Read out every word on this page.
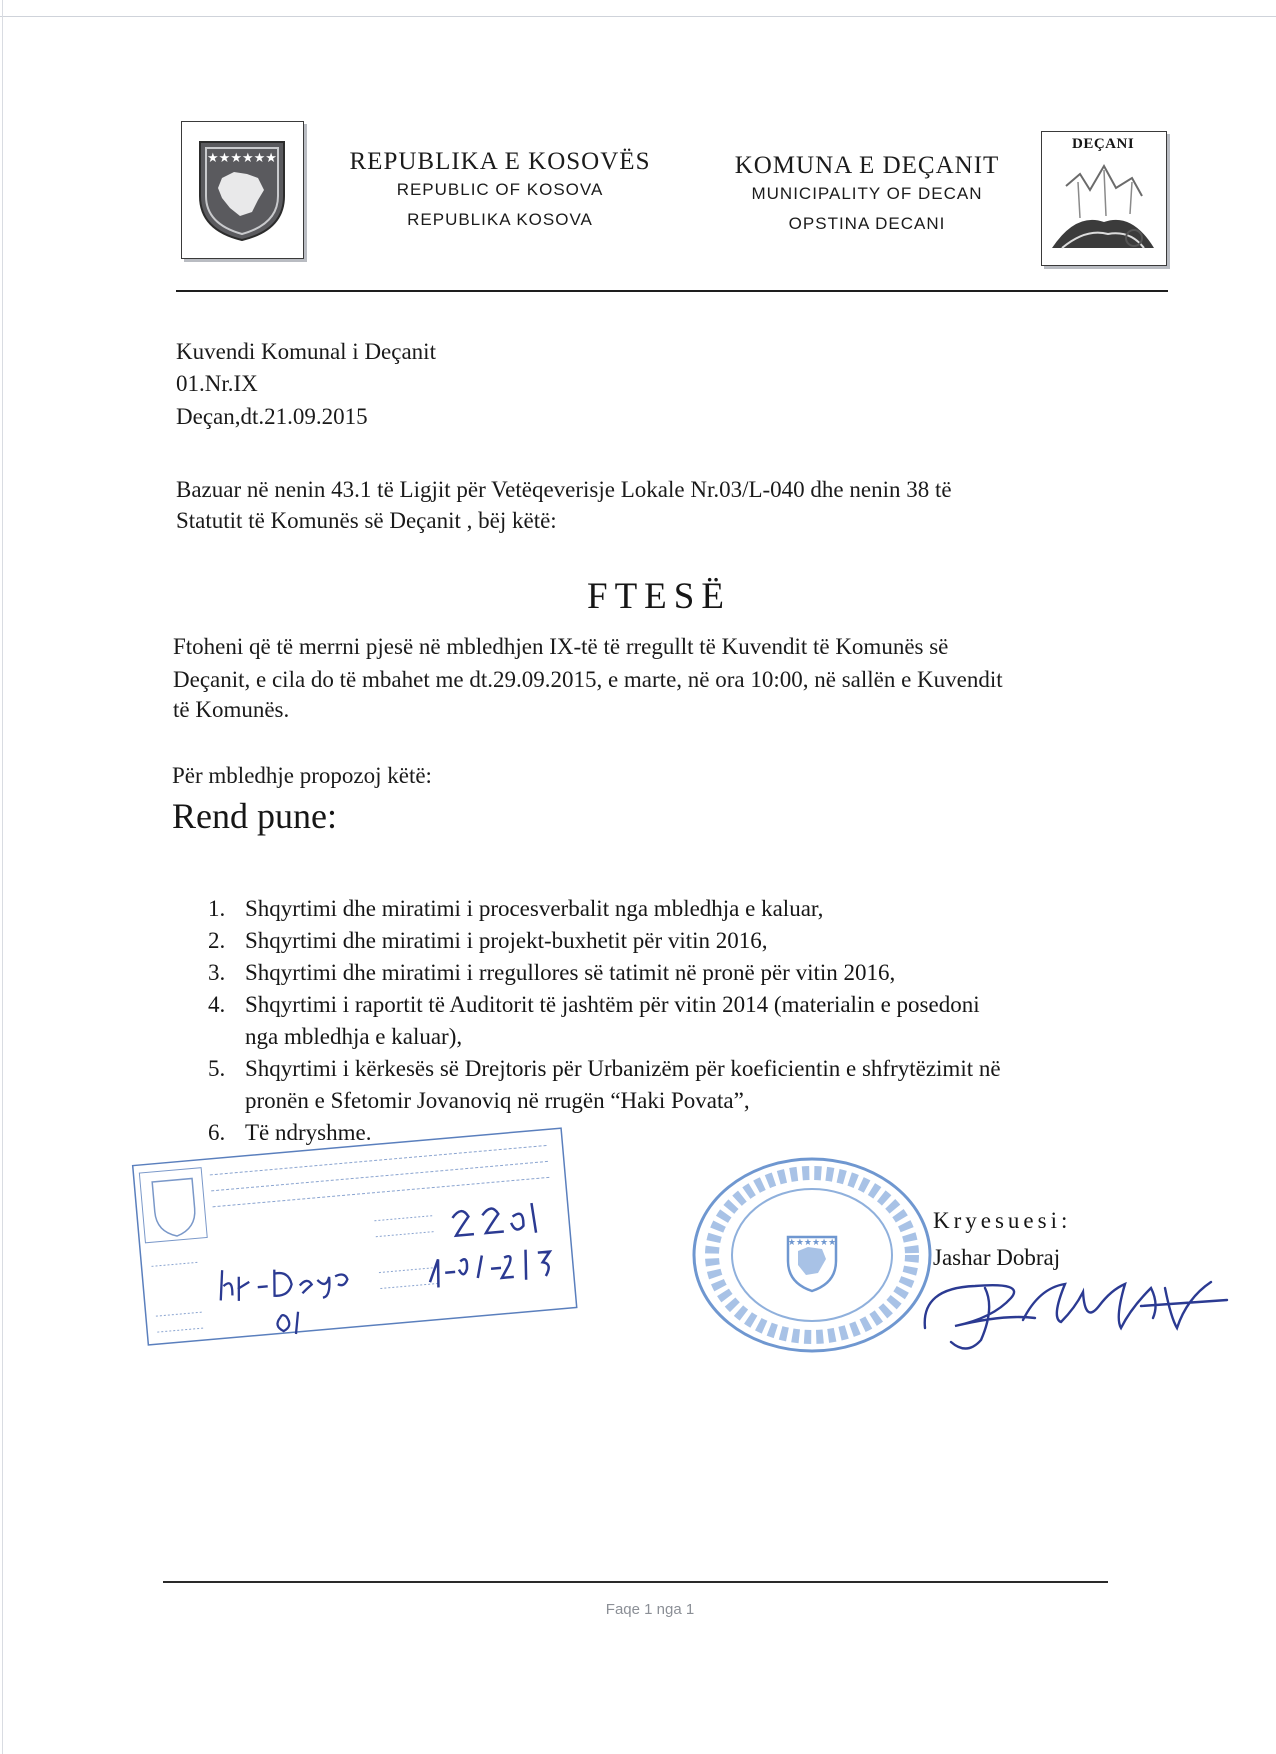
★★★★★★	REPUBLIKA E KOSOVËS
REPUBLIC OF KOSOVA
REPUBLIKA KOSOVA
KOMUNA E DEÇANIT
MUNICIPALITY OF DECAN
OPSTINA DECANI
DEÇANI
Kuvendi Komunal i Deçanit
01.Nr.IX
Deçan,dt.21.09.2015
Bazuar në nenin 43.1 të Ligjit për Vetëqeverisje Lokale Nr.03/L-040 dhe nenin 38 të
Statutit të Komunës së Deçanit , bëj këtë:
FTESË
Ftoheni që të merrni pjesë në mbledhjen IX-të të rregullt të Kuvendit të Komunës së
Deçanit, e cila do të mbahet me dt.29.09.2015, e marte, në ora 10:00, në sallën e Kuvendit
të Komunës.
Për mbledhje propozoj këtë:
Rend pune:
1. Shqyrtimi dhe miratimi i procesverbalit nga mbledhja e kaluar,
2. Shqyrtimi dhe miratimi i projekt-buxhetit për vitin 2016,
3. Shqyrtimi dhe miratimi i rregullores së tatimit në pronë për vitin 2016,
4. Shqyrtimi i raportit të Auditorit të jashtëm për vitin 2014 (materialin e posedoni
nga mbledhja e kaluar),
5. Shqyrtimi i kërkesës së Drejtoris për Urbanizëm për koeficientin e shfrytëzimit në
pronën e Sfetomir Jovanoviq në rrugën “Haki Povata”,
6. Të ndryshme.
★★★★★★
Kryesuesi:
Jashar Dobraj
Faqe 1 nga 1
